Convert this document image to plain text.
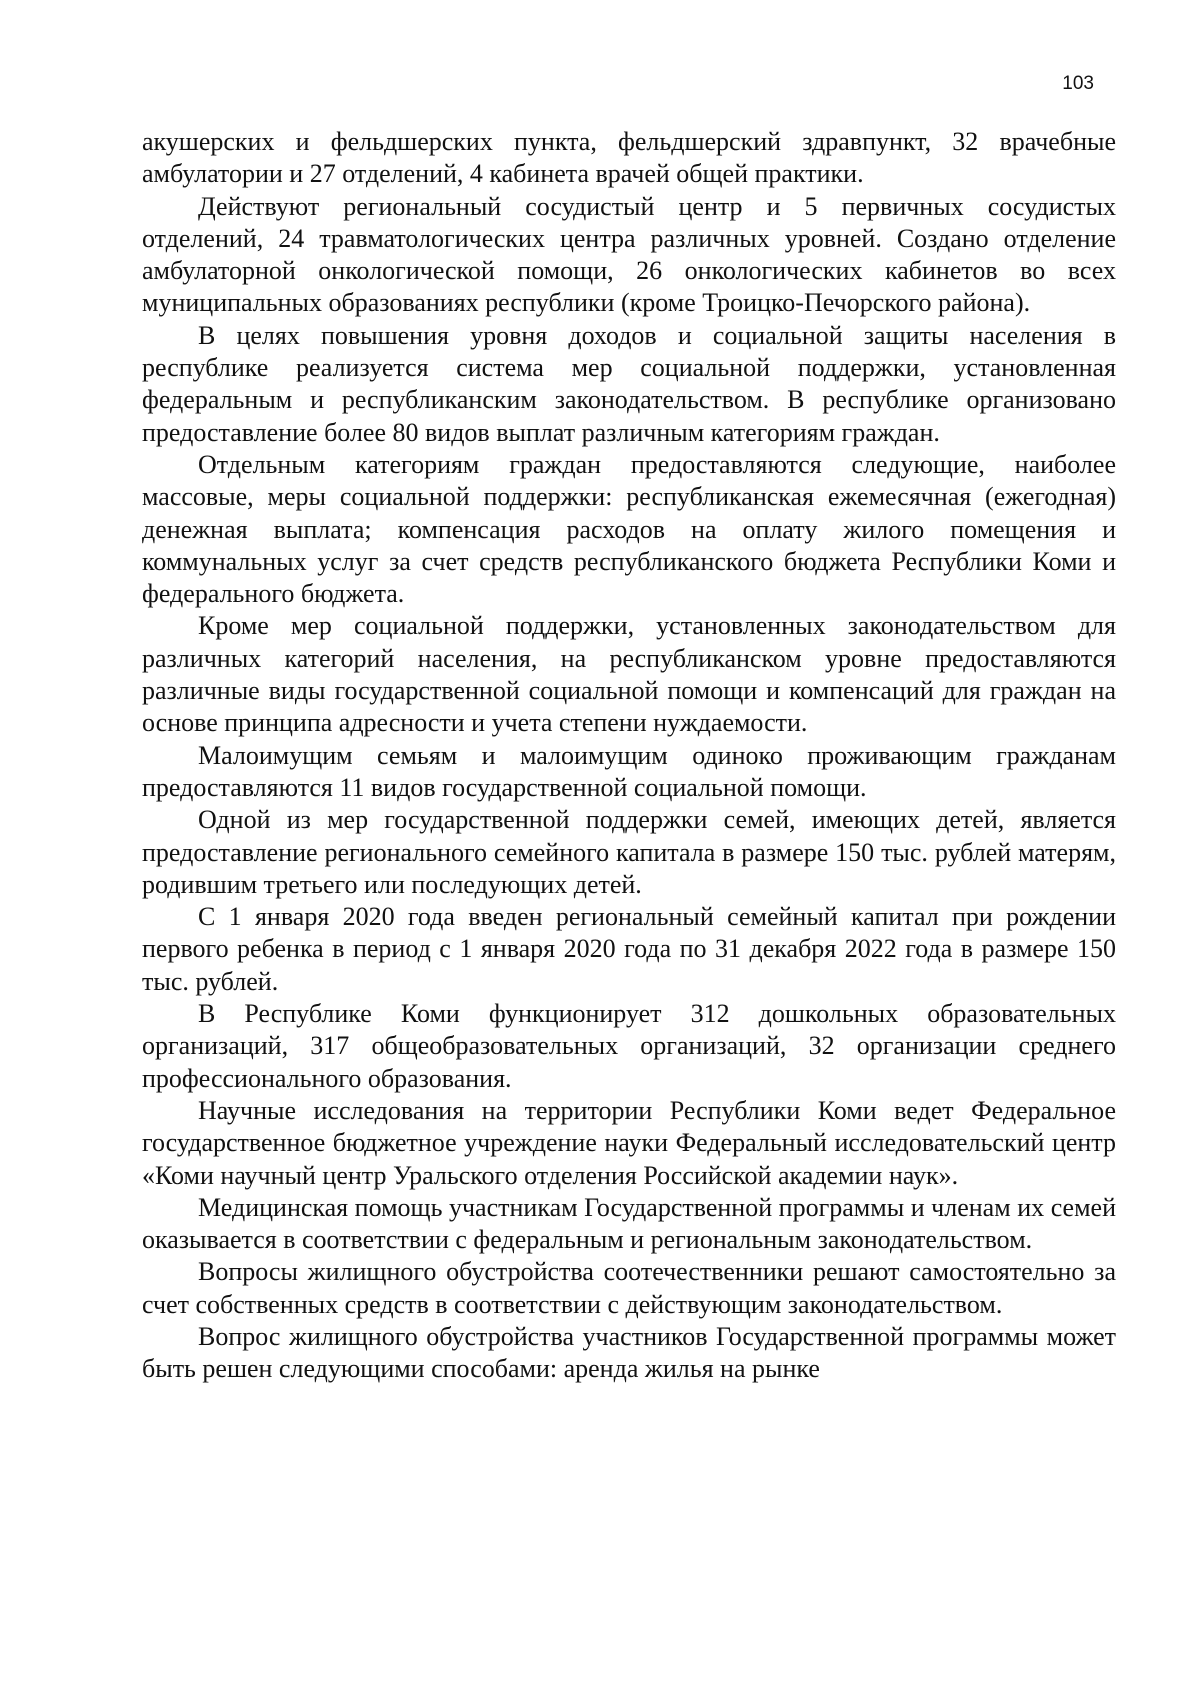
103

акушерских и фельдшерских пункта, фельдшерский здравпункт, 32 врачебные амбулатории и 27 отделений, 4 кабинета врачей общей практики.

Действуют региональный сосудистый центр и 5 первичных сосудистых отделений, 24 травматологических центра различных уровней. Создано отделение амбулаторной онкологической помощи, 26 онкологических кабинетов во всех муниципальных образованиях республики (кроме Троицко-Печорского района).

В целях повышения уровня доходов и социальной защиты населения в республике реализуется система мер социальной поддержки, установленная федеральным и республиканским законодательством. В республике организовано предоставление более 80 видов выплат различным категориям граждан.

Отдельным категориям граждан предоставляются следующие, наиболее массовые, меры социальной поддержки: республиканская ежемесячная (ежегодная) денежная выплата; компенсация расходов на оплату жилого помещения и коммунальных услуг за счет средств республиканского бюджета Республики Коми и федерального бюджета.

Кроме мер социальной поддержки, установленных законодательством для различных категорий населения, на республиканском уровне предоставляются различные виды государственной социальной помощи и компенсаций для граждан на основе принципа адресности и учета степени нуждаемости.

Малоимущим семьям и малоимущим одиноко проживающим гражданам предоставляются 11 видов государственной социальной помощи.

Одной из мер государственной поддержки семей, имеющих детей, является предоставление регионального семейного капитала в размере 150 тыс. рублей матерям, родившим третьего или последующих детей.

С 1 января 2020 года введен региональный семейный капитал при рождении первого ребенка в период с 1 января 2020 года по 31 декабря 2022 года в размере 150 тыс. рублей.

В Республике Коми функционирует 312 дошкольных образовательных организаций, 317 общеобразовательных организаций, 32 организации среднего профессионального образования.

Научные исследования на территории Республики Коми ведет Федеральное государственное бюджетное учреждение науки Федеральный исследовательский центр «Коми научный центр Уральского отделения Российской академии наук».

Медицинская помощь участникам Государственной программы и членам их семей оказывается в соответствии с федеральным и региональным законодательством.

Вопросы жилищного обустройства соотечественники решают самостоятельно за счет собственных средств в соответствии с действующим законодательством.

Вопрос жилищного обустройства участников Государственной программы может быть решен следующими способами: аренда жилья на рынке
